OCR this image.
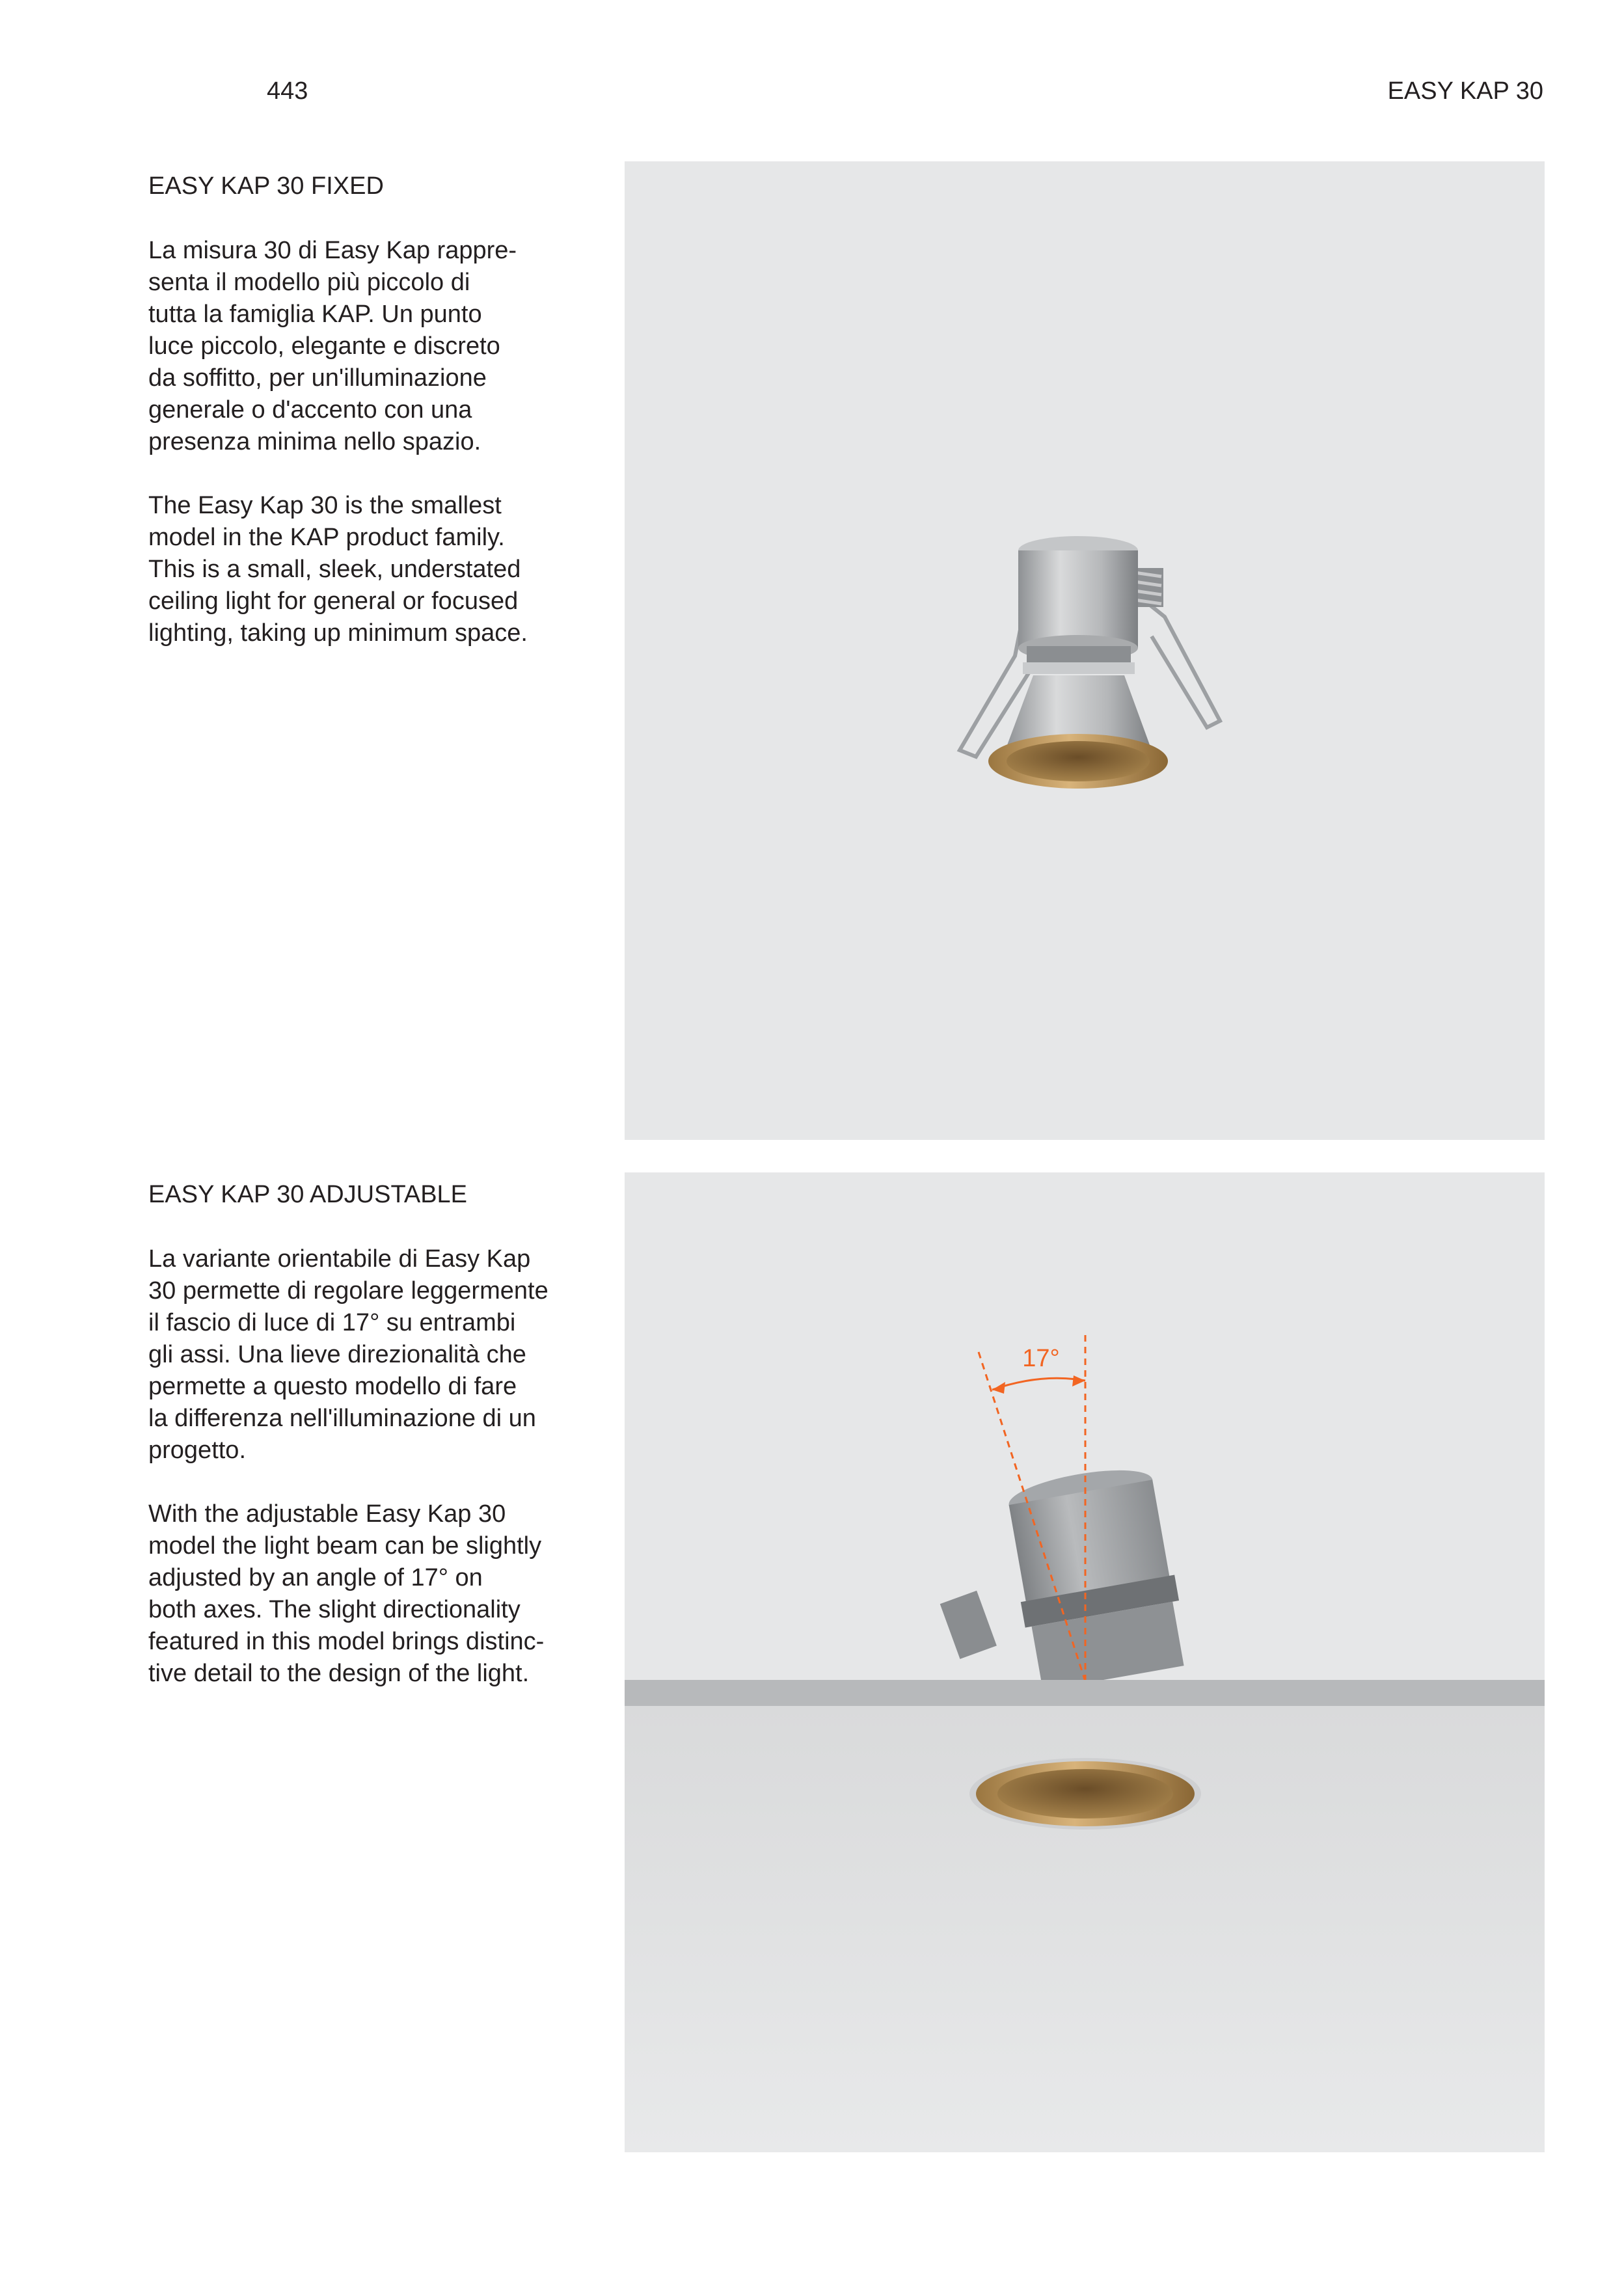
443	EASY KAP 30
EASY KAP 30 FIXED

La misura 30 di Easy Kap rappre-
senta il modello più piccolo di
tutta la famiglia KAP. Un punto
luce piccolo, elegante e discreto
da soffitto, per un'illuminazione
generale o d'accento con una
presenza minima nello spazio.

The Easy Kap 30 is the smallest
model in the KAP product family.
This is a small, sleek, understated
ceiling light for general or focused
lighting, taking up minimum space.

EASY KAP 30 ADJUSTABLE

La variante orientabile di Easy Kap
30 permette di regolare leggermente
il fascio di luce di 17° su entrambi
gli assi. Una lieve direzionalità che
permette a questo modello di fare
la differenza nell'illuminazione di un
progetto.

With the adjustable Easy Kap 30
model the light beam can be slightly
adjusted by an angle of 17° on
both axes. The slight directionality
featured in this model brings distinc-
tive detail to the design of the light.

17°
